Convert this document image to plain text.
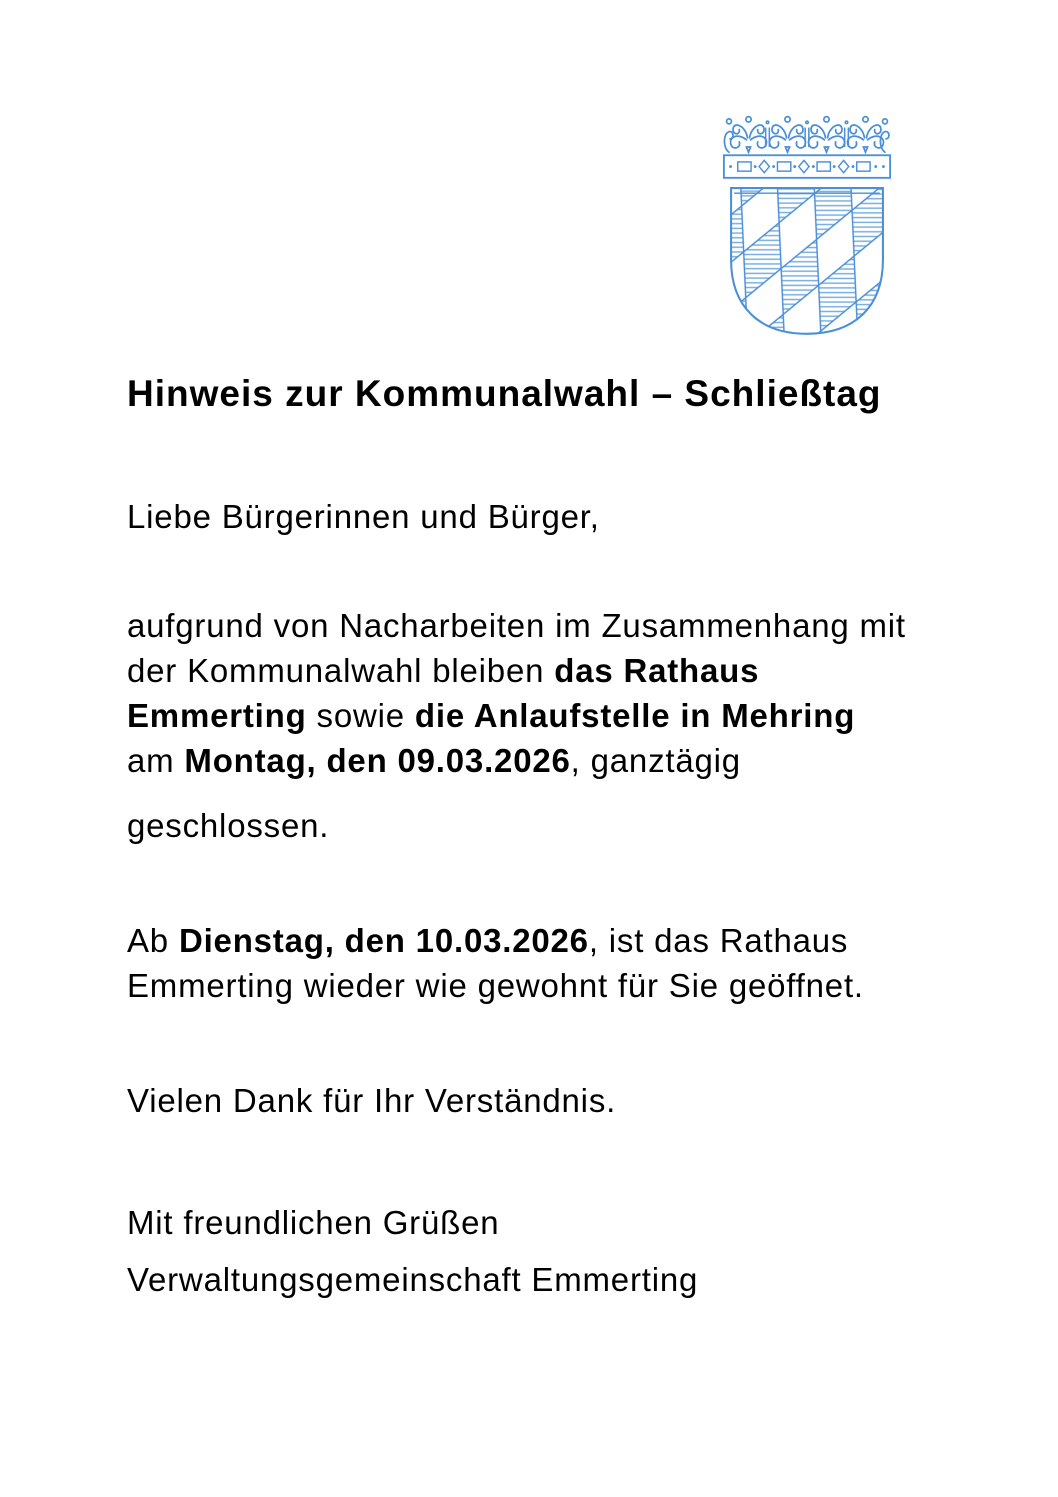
Hinweis zur Kommunalwahl – Schließtag
Liebe Bürgerinnen und Bürger,
aufgrund von Nacharbeiten im Zusammenhang mit
der Kommunalwahl bleiben das Rathaus
Emmerting sowie die Anlaufstelle in Mehring
am Montag, den 09.03.2026, ganztägig
geschlossen.
Ab Dienstag, den 10.03.2026, ist das Rathaus
Emmerting wieder wie gewohnt für Sie geöffnet.
Vielen Dank für Ihr Verständnis.
Mit freundlichen Grüßen
Verwaltungsgemeinschaft Emmerting
